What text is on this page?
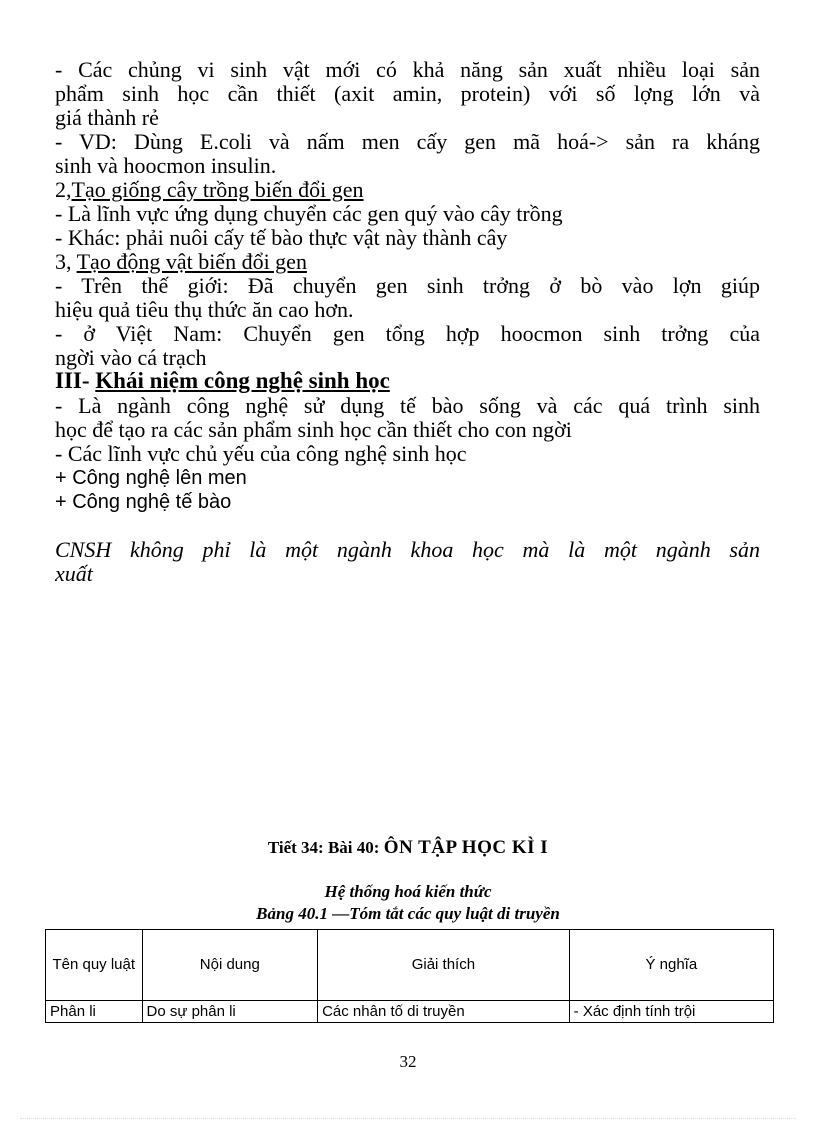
- Các chủng vi sinh vật mới có khả năng sản xuất nhiều loại sản

phẩm sinh học cần thiết (axit amin, protein) với số lợng lớn và

giá thành rẻ

- VD: Dùng E.coli và nấm men cấy gen mã hoá-> sản ra kháng

sinh và hoocmon insulin.

2,Tạo giống cây trồng biến đổi gen

- Là lĩnh vực ứng dụng chuyển các gen quý vào cây trồng

- Khác: phải nuôi cấy tế bào thực vật này thành cây

3, Tạo động vật biến đổi gen

- Trên thế giới: Đã chuyển gen sinh trởng ở bò vào lợn giúp

hiệu quả tiêu thụ thức ăn cao hơn.

- ở Việt Nam: Chuyển gen tổng hợp hoocmon sinh trởng của

ngời vào cá trạch

III- Khái niệm công nghệ sinh học

- Là ngành công nghệ sử dụng tế bào sống và các quá trình sinh

học để tạo ra các sản phẩm sinh học cần thiết cho con ngời

- Các lĩnh vực chủ yếu của công nghệ sinh học

+ Công nghệ lên men

+ Công nghệ tế bào

CNSH không phỉ là một ngành khoa học mà là một ngành sản

xuất

Tiết 34: Bài 40: ÔN TẬP HỌC KÌ I

Hệ thống hoá kiến thức

Bảng 40.1 —Tóm tắt các quy luật di truyền

Tên quy luật	Nội dung	Giải thích	Ý nghĩa
Phân li	Do sự phân li	Các nhân tố di truyền	- Xác định tính trội
32
